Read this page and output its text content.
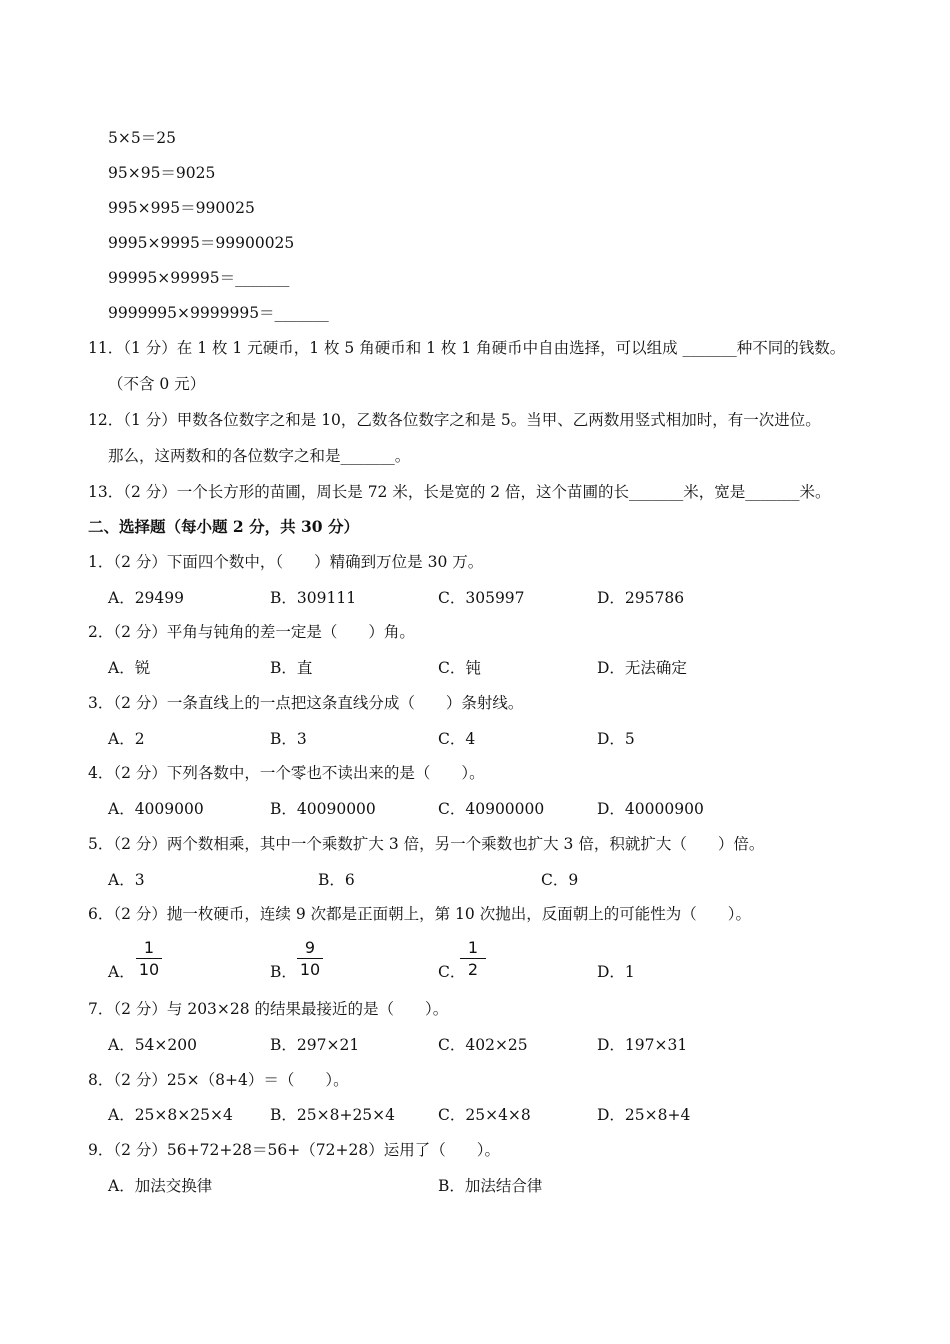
5×5＝25
95×95＝9025
995×995＝990025
9995×9995＝99900025
99995×99995＝_______
9999995×9999995＝_______
11．（1 分）在 1 枚 1 元硬币，1 枚 5 角硬币和 1 枚 1 角硬币中自由选择，可以组成 _______种不同的钱数。
（不含 0 元）
12．（1 分）甲数各位数字之和是 10，乙数各位数字之和是 5。当甲、乙两数用竖式相加时，有一次进位。
那么，这两数和的各位数字之和是_______。
13．（2 分）一个长方形的苗圃，周长是 72 米，长是宽的 2 倍，这个苗圃的长_______米，宽是_______米。
二、选择题（每小题 2 分，共 30 分）
1．（2 分）下面四个数中，（　　）精确到万位是 30 万。
A．29499	B．309111	C．305997	D．295786
2．（2 分）平角与钝角的差一定是（　　）角。
A．锐	B．直	C．钝	D．无法确定
3．（2 分）一条直线上的一点把这条直线分成（　　）条射线。
A．2	B．3	C．4	D．5
4．（2 分）下列各数中，一个零也不读出来的是（　　）。
A．4009000	B．40090000	C．40900000	D．40000900
5．（2 分）两个数相乘，其中一个乘数扩大 3 倍，另一个乘数也扩大 3 倍，积就扩大（　　）倍。
A．3	B．6	C．9
6．（2 分）抛一枚硬币，连续 9 次都是正面朝上，第 10 次抛出，反面朝上的可能性为（　　）。
A．
1
10	B．
9
10	C．
1
2	D．1
7．（2 分）与 203×28 的结果最接近的是（　　）。
A．54×200	B．297×21	C．402×25	D．197×31
8．（2 分）25×（8+4）＝（　　）。
A．25×8×25×4 B．25×8+25×4	C．25×4×8	D．25×8+4
9．（2 分）56+72+28＝56+（72+28）运用了（　　）。
A．加法交换律	B．加法结合律
